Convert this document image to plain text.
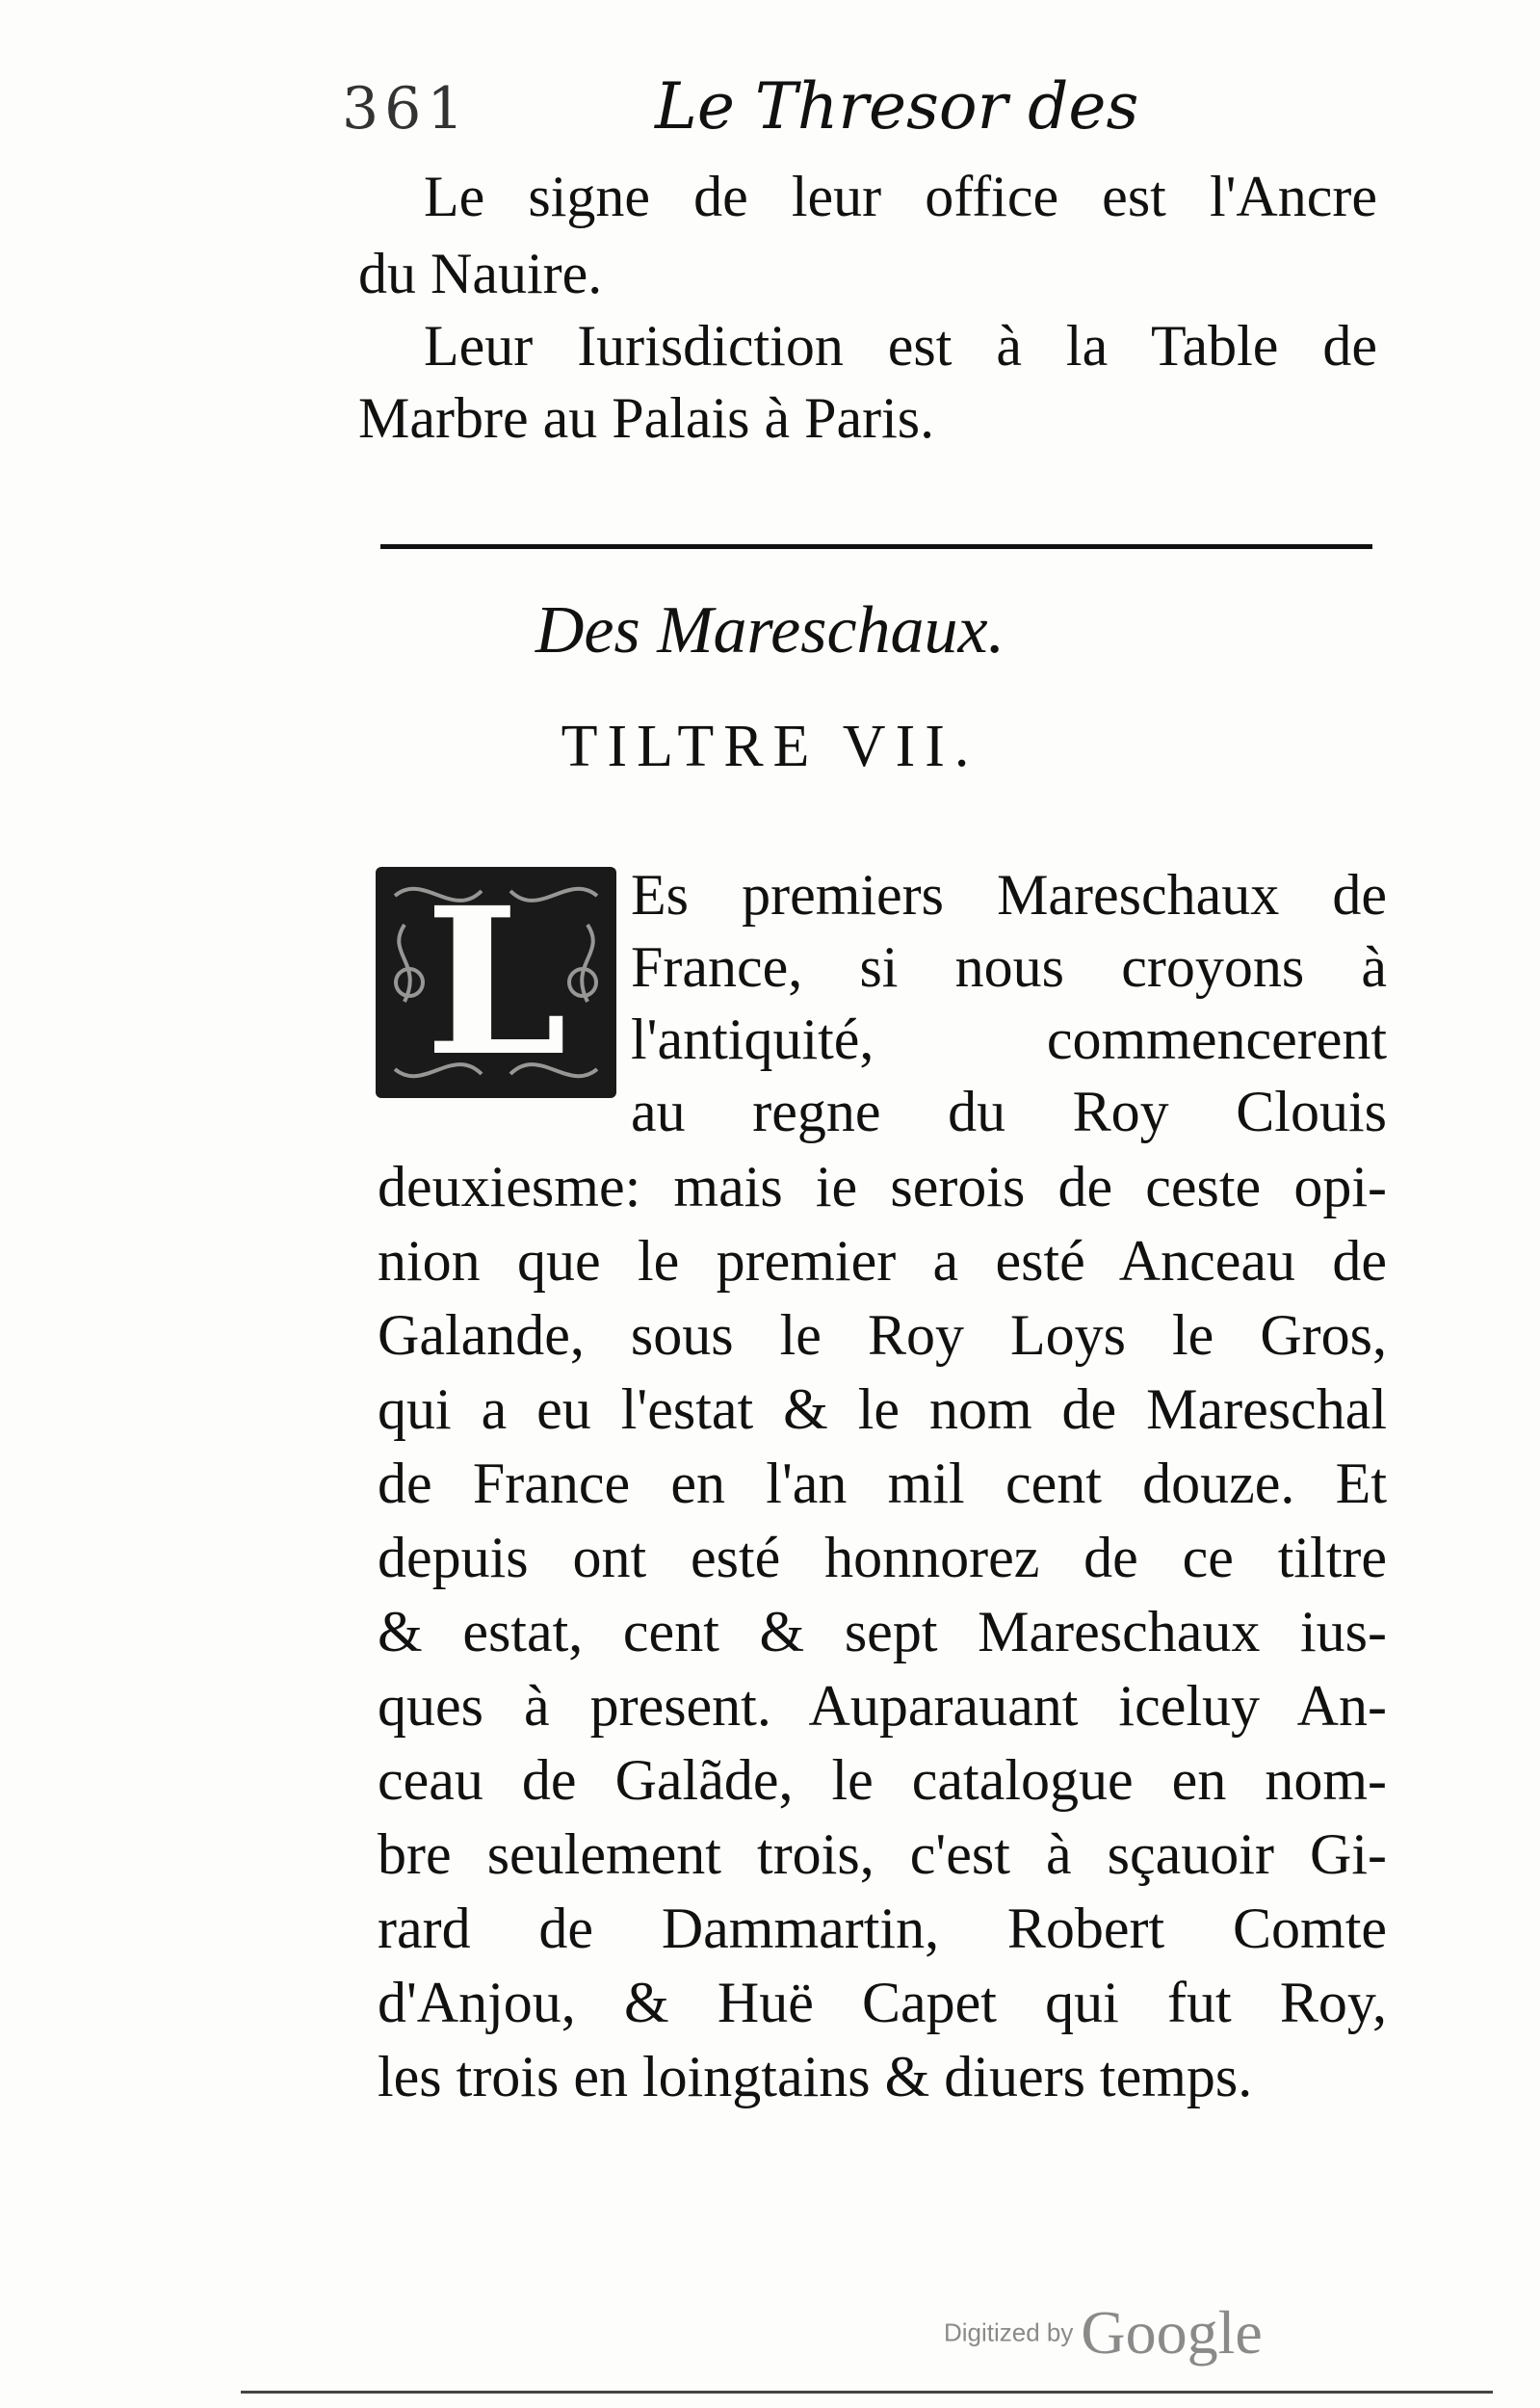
361	Le Thresor des
Le signe de leur office est l'Ancre
du Nauire.
Leur Iurisdiction est à la Table de
Marbre au Palais à Paris.
Des Mareschaux.
TILTRE VII.
L Es premiers Mareschaux de
France, si nous croyons à
l'antiquité, commencerent
au regne du Roy Clouis
deuxiesme: mais ie serois de ceste opi-
nion que le premier a esté Anceau de
Galande, sous le Roy Loys le Gros,
qui a eu l'estat & le nom de Mareschal
de France en l'an mil cent douze. Et
depuis ont esté honnorez de ce tiltre
& estat, cent & sept Mareschaux ius-
ques à present. Auparauant iceluy An-
ceau de Galãde, le catalogue en nom-
bre seulement trois, c'est à sçauoir Gi-
rard de Dammartin, Robert Comte
d'Anjou, & Huë Capet qui fut Roy,
les trois en loingtains & diuers temps.
Digitized by Google
